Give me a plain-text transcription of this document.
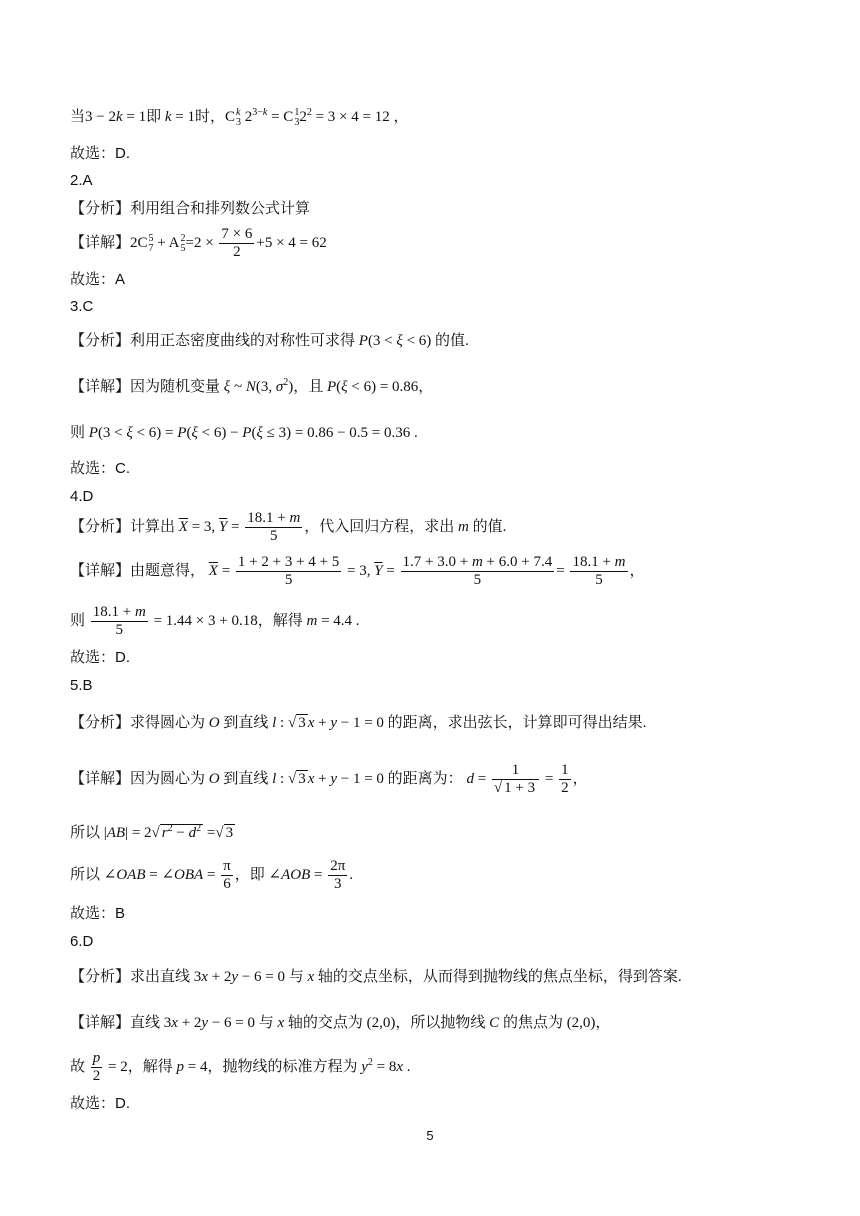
当3 − 2k = 1即 k = 1时，C k
3 $2^{3-k} = C$ 1
3 $2^2 = 3 \times 4 = 12$ ，
故选：D.
2.A
【分析】利用组合和排列数公式计算
【详解】2C 5
7 + A 2
$5 =2 \times \frac{7 \times 6}{2} +5 \times 4 = 62$
故选：A
3.C
【分析】利用正态密度曲线的对称性可求得 P(3 < ξ < 6) 的值.
【详解】因为随机变量 ξ ~ N(3, $\sigma^2$)，且 P(ξ < 6) = 0.86，
则 P(3 < ξ < 6) = P(ξ < 6) − P(ξ ≤ 3) = 0.86 − 0.5 = 0.36 .
故选：C.
4.D
【分析】计算出 $\overline{X} = 3$, $\overline{Y} = \frac{18.1 + m}{5}$ ，代入回归方程，求出 m 的值.
【详解】由题意得， $\overline{X} = \frac{1 + 2 + 3 + 4 + 5}{5} = 3$, $\overline{Y} = \frac{1.7 + 3.0 + m + 6.0 + 7.4}{5} = \frac{18.1 + m}{5}$ ，
则 $\frac{18.1 + m}{5} = 1.44 \times 3 + 0.18$，解得 m = 4.4 .
故选：D.
5.B
【分析】求得圆心为 O 到直线 l : √ 3 x + y − 1 = 0 的距离，求出弦长，计算即可得出结果.
【详解】因为圆心为 O 到直线 l : √ 3 x + y − 1 = 0 的距离为： $d = \frac{1}{√ 1 + 3} = \frac{1}{2}$ ，
所以 |AB| = 2√ $r^2 - d^2$ =√ 3
所以 ∠OAB = ∠OBA = $\frac{\pi}{6}$ ，即 ∠AOB = $\frac{2\pi}{3}$ .
故选：B
6.D
【分析】求出直线 3x + 2y − 6 = 0 与 x 轴的交点坐标，从而得到抛物线的焦点坐标，得到答案.
【详解】直线 3x + 2y − 6 = 0 与 x 轴的交点为 (2,0)，所以抛物线 C 的焦点为 (2,0)，
故 $\frac{p}{2} = 2$，解得 p = 4，抛物线的标准方程为 $y^2 = 8x$ .
故选：D.
5
